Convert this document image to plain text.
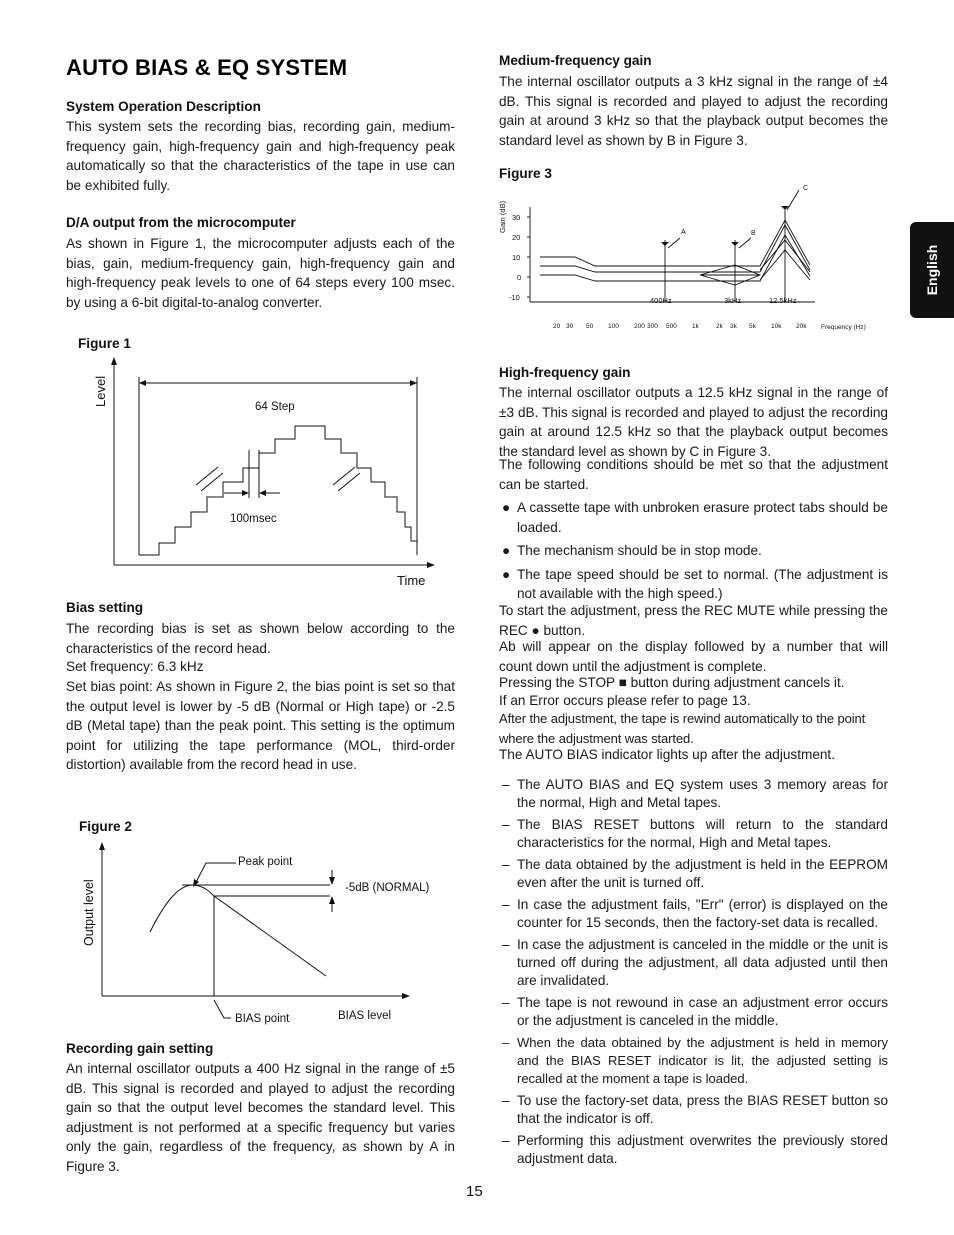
AUTO BIAS & EQ SYSTEM
English
System Operation Description

This system sets the recording bias, recording gain, medium-frequency gain, high-frequency gain and high-frequency peak automatically so that the characteristics of the tape in use can be exhibited fully.

D/A output from the microcomputer

As shown in Figure 1, the microcomputer adjusts each of the bias, gain, medium-frequency gain, high-frequency gain and high-frequency peak levels to one of 64 steps every 100 msec. by using a 6-bit digital-to-analog converter.

Figure 1
64 Step
100msec
Time
Level
Bias setting

The recording bias is set as shown below according to the characteristics of the record head.

Set frequency: 6.3 kHz

Set bias point: As shown in Figure 2, the bias point is set so that the output level is lower by -5 dB (Normal or High tape) or -2.5 dB (Metal tape) than the peak point. This setting is the optimum point for utilizing the tape performance (MOL, third-order distortion) available from the record head in use.

Figure 2
Peak point
-5dB (NORMAL)
BIAS point	BIAS level
Output level
Recording gain setting

An internal oscillator outputs a 400 Hz signal in the range of ±5 dB. This signal is recorded and played to adjust the recording gain so that the output level becomes the standard level. This adjustment is not performed at a specific frequency but varies only the gain, regardless of the frequency, as shown by A in Figure 3.

Medium-frequency gain

The internal oscillator outputs a 3 kHz signal in the range of ±4 dB. This signal is recorded and played to adjust the recording gain at around 3 kHz so that the playback output becomes the standard level as shown by B in Figure 3.

Figure 3
Gain (dB) 30
20
10
0
-10
A	B
C
400Hz	3kHz	12.5kHz
20 30 50 100 200 300 500 1k	2k 3k 5k 10k 20k Frequency (Hz)
High-frequency gain

The internal oscillator outputs a 12.5 kHz signal in the range of ±3 dB. This signal is recorded and played to adjust the recording gain at around 12.5 kHz so that the playback output becomes the standard level as shown by C in Figure 3.

The following conditions should be met so that the adjustment can be started.

● A cassette tape with unbroken erasure protect tabs should be loaded.
● The mechanism should be in stop mode.
● The tape speed should be set to normal. (The adjustment is not available with the high speed.)

To start the adjustment, press the REC MUTE while pressing the REC ● button.

Ab will appear on the display followed by a number that will count down until the adjustment is complete.

Pressing the STOP ■ button during adjustment cancels it.

If an Error occurs please refer to page 13.

After the adjustment, the tape is rewind automatically to the point where the adjustment was started.

The AUTO BIAS indicator lights up after the adjustment.

– The AUTO BIAS and EQ system uses 3 memory areas for the normal, High and Metal tapes.
– The BIAS RESET buttons will return to the standard characteristics for the normal, High and Metal tapes.
– The data obtained by the adjustment is held in the EEPROM even after the unit is turned off.
– In case the adjustment fails, "Err" (error) is displayed on the counter for 15 seconds, then the factory-set data is recalled.
– In case the adjustment is canceled in the middle or the unit is turned off during the adjustment, all data adjusted until then are invalidated.
– The tape is not rewound in case an adjustment error occurs or the adjustment is canceled in the middle.
– When the data obtained by the adjustment is held in memory and the BIAS RESET indicator is lit, the adjusted setting is recalled at the moment a tape is loaded.
– To use the factory-set data, press the BIAS RESET button so that the indicator is off.
– Performing this adjustment overwrites the previously stored adjustment data.
15
